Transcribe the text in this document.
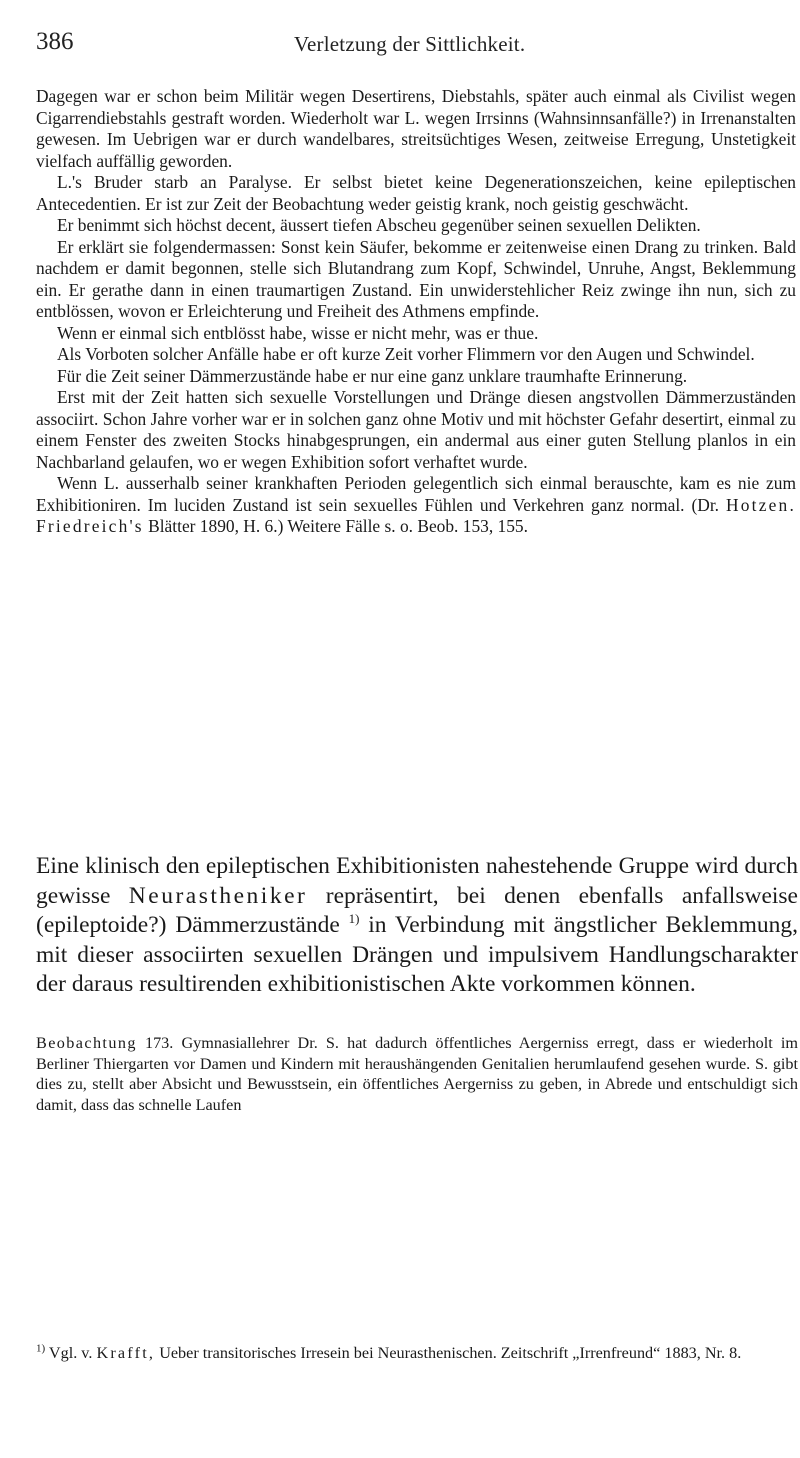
386	Verletzung der Sittlichkeit.

Dagegen war er schon beim Militär wegen Desertirens, Diebstahls, später auch einmal als Civilist wegen Cigarrendiebstahls gestraft worden. Wiederholt war L. wegen Irrsinns (Wahnsinnsanfälle?) in Irrenanstalten gewesen. Im Uebrigen war er durch wandelbares, streitsüchtiges Wesen, zeitweise Erregung, Unstetigkeit vielfach auffällig geworden.

L.'s Bruder starb an Paralyse. Er selbst bietet keine Degenerationszeichen, keine epileptischen Antecedentien. Er ist zur Zeit der Beobachtung weder geistig krank, noch geistig geschwächt.

Er benimmt sich höchst decent, äussert tiefen Abscheu gegenüber seinen sexuellen Delikten.

Er erklärt sie folgendermassen: Sonst kein Säufer, bekomme er zeitenweise einen Drang zu trinken. Bald nachdem er damit begonnen, stelle sich Blutandrang zum Kopf, Schwindel, Unruhe, Angst, Beklemmung ein. Er gerathe dann in einen traumartigen Zustand. Ein unwiderstehlicher Reiz zwinge ihn nun, sich zu entblössen, wovon er Erleichterung und Freiheit des Athmens empfinde.

Wenn er einmal sich entblösst habe, wisse er nicht mehr, was er thue.

Als Vorboten solcher Anfälle habe er oft kurze Zeit vorher Flimmern vor den Augen und Schwindel.

Für die Zeit seiner Dämmerzustände habe er nur eine ganz unklare traumhafte Erinnerung.

Erst mit der Zeit hatten sich sexuelle Vorstellungen und Dränge diesen angstvollen Dämmerzuständen associirt. Schon Jahre vorher war er in solchen ganz ohne Motiv und mit höchster Gefahr desertirt, einmal zu einem Fenster des zweiten Stocks hinabgesprungen, ein andermal aus einer guten Stellung planlos in ein Nachbarland gelaufen, wo er wegen Exhibition sofort verhaftet wurde.

Wenn L. ausserhalb seiner krankhaften Perioden gelegentlich sich einmal berauschte, kam es nie zum Exhibitioniren. Im luciden Zustand ist sein sexuelles Fühlen und Verkehren ganz normal. (Dr. Hotzen. Friedreich's Blätter 1890, H. 6.) Weitere Fälle s. o. Beob. 153, 155.

Eine klinisch den epileptischen Exhibitionisten nahestehende Gruppe wird durch gewisse Neurastheniker repräsentirt, bei denen ebenfalls anfallsweise (epileptoide?) Dämmerzustände $^{1)}$ in Verbindung mit ängstlicher Beklemmung, mit dieser associirten sexuellen Drängen und impulsivem Handlungscharakter der daraus resultirenden exhibitionistischen Akte vorkommen können.

Beobachtung 173. Gymnasiallehrer Dr. S. hat dadurch öffentliches Aergerniss erregt, dass er wiederholt im Berliner Thiergarten vor Damen und Kindern mit heraushängenden Genitalien herumlaufend gesehen wurde. S. gibt dies zu, stellt aber Absicht und Bewusstsein, ein öffentliches Aergerniss zu geben, in Abrede und entschuldigt sich damit, dass das schnelle Laufen

$^{1)}$ Vgl. v. Krafft, Ueber transitorisches Irresein bei Neurasthenischen. Zeitschrift „Irrenfreund“ 1883, Nr. 8.
